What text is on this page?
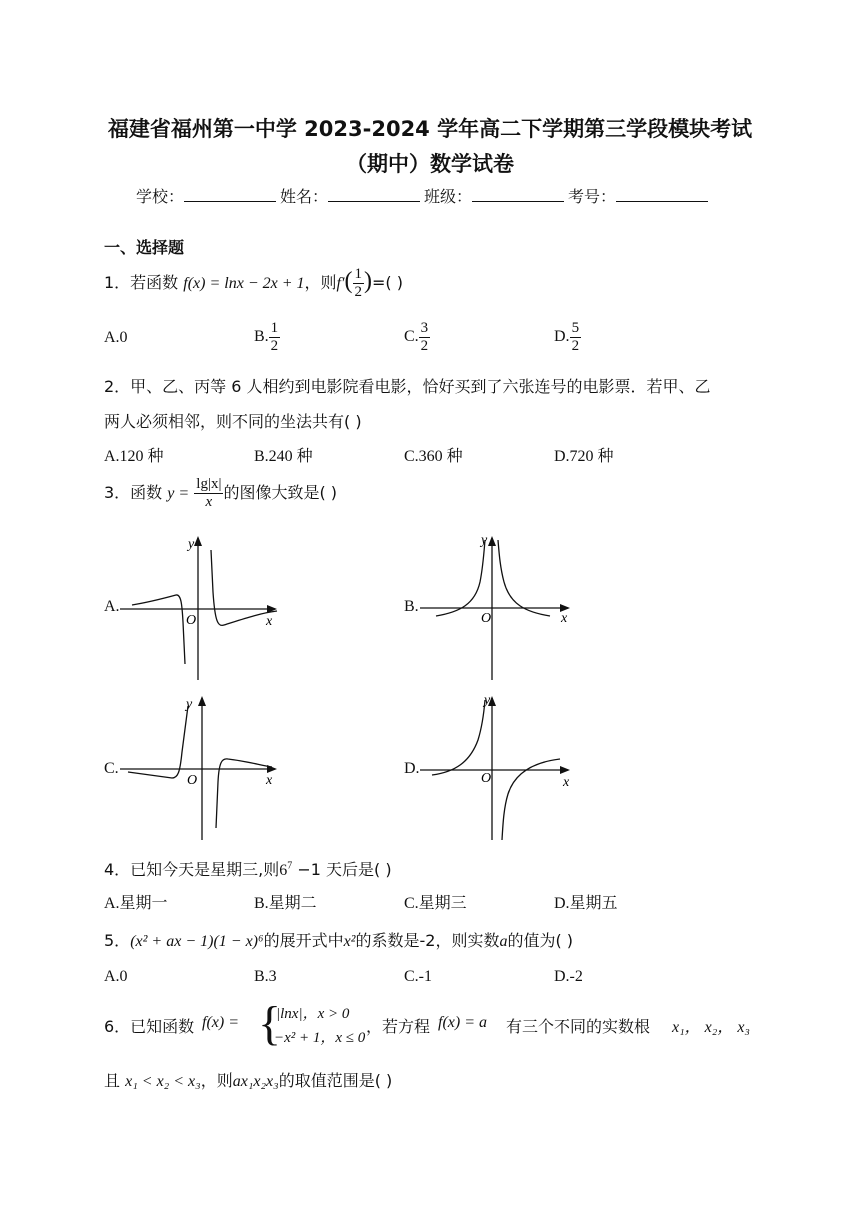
福建省福州第一中学 2023-2024 学年高二下学期第三学段模块考试
（期中）数学试卷
学校：	姓名：	班级：	考号：
一、选择题
1．若函数 f(x) = lnx − 2x + 1，则$f'( \frac{1}{2}$ )=( )
A.0	B. $\frac{1}{2}$	C. $\frac{3}{2}$	D. $\frac{5}{2}$
2．甲、乙、丙等 6 人相约到电影院看电影，恰好买到了六张连号的电影票．若甲、乙
两人必须相邻，则不同的坐法共有( )
A.120 种	B.240 种	C.360 种	D.720 种
3．函数 $y = \frac{\lg|x|}{x}$ 的图像大致是( )
A.
y
x
O
B.
y
x
O
C.
y
x
O
D.
y
x
O
4．已知今天是星期三,则$6^7 -1$ 天后是( )
A.星期一	B.星期二	C.星期三	D.星期五
5．(x² + ax − 1)(1 − x)⁶的展开式中x²的系数是-2，则实数a的值为( )
A.0	B.3	C.-1	D.-2
6．已知函数 f(x) = {
|lnx|，x > 0
−x² + 1，x ≤ 0
，若方程 f(x) = a 有三个不同的实数根 x₁， x₂， x₃
且 x₁ < x₂ < x₃，则ax₁x₂x₃的取值范围是( )
